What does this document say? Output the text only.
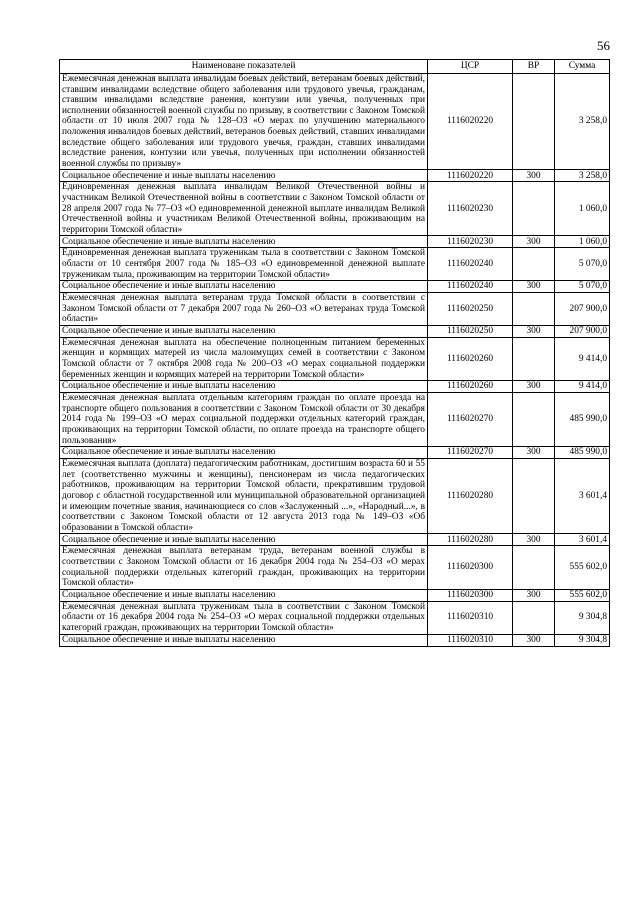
56
Наименоване показателей	ЦСР	ВР	Сумма
Ежемесячная денежная выплата инвалидам боевых действий, ветеранам боевых действий, ставшим инвалидами вследствие общего заболевания или трудового увечья, гражданам, ставшим инвалидами вследствие ранения, контузии или увечья, полученных при исполнении обязанностей военной службы по призыву, в соответствии с Законом Томской области от 10 июля 2007 года № 128–ОЗ «О мерах по улучшению материального положения инвалидов боевых действий, ветеранов боевых действий, ставших инвалидами вследствие общего заболевания или трудового увечья, граждан, ставших инвалидами вследствие ранения, контузии или увечья, полученных при исполнении обязанностей военной службы по призыву»	1116020220		3 258,0
Социальное обеспечение и иные выплаты населению	1116020220	300	3 258,0
Единовременная денежная выплата инвалидам Великой Отечественной войны и участникам Великой Отечественной войны в соответствии с Законом Томской области от 28 апреля 2007 года № 77–ОЗ «О единовременной денежной выплате инвалидам Великой Отечественной войны и участникам Великой Отечественной войны, проживающим на территории Томской области»	1116020230		1 060,0
Социальное обеспечение и иные выплаты населению	1116020230	300	1 060,0
Единовременная денежная выплата труженикам тыла в соответствии с Законом Томской области от 10 сентября 2007 года № 185–ОЗ «О единовременной денежной выплате труженикам тыла, проживающим на территории Томской области»	1116020240		5 070,0
Социальное обеспечение и иные выплаты населению	1116020240	300	5 070,0
Ежемесячная денежная выплата ветеранам труда Томской области в соответствии с Законом Томской области от 7 декабря 2007 года № 260–ОЗ «О ветеранах труда Томской области»	1116020250		207 900,0
Социальное обеспечение и иные выплаты населению	1116020250	300	207 900,0
Ежемесячная денежная выплата на обеспечение полноценным питанием беременных женщин и кормящих матерей из числа малоимущих семей в соответствии с Законом Томской области от 7 октября 2008 года № 200–ОЗ «О мерах социальной поддержки беременных женщин и кормящих матерей на территории Томской области»	1116020260		9 414,0
Социальное обеспечение и иные выплаты населению	1116020260	300	9 414,0
Ежемесячная денежная выплата отдельным категориям граждан по оплате проезда на транспорте общего пользования в соответствии с Законом Томской области от 30 декабря 2014 года № 199–ОЗ «О мерах социальной поддержки отдельных категорий граждан, проживающих на территории Томской области, по оплате проезда на транспорте общего пользования»	1116020270		485 990,0
Социальное обеспечение и иные выплаты населению	1116020270	300	485 990,0
Ежемесячная выплата (доплата) педагогическим работникам, достигшим возраста 60 и 55 лет (соответственно мужчины и женщины), пенсионерам из числа педагогических работников, проживающим на территории Томской области, прекратившим трудовой договор с областной государственной или муниципальной образовательной организацией и имеющим почетные звания, начинающиеся со слов «Заслуженный ...», «Народный...», в соответствии с Законом Томской области от 12 августа 2013 года № 149–ОЗ «Об образовании в Томской области»	1116020280		3 601,4
Социальное обеспечение и иные выплаты населению	1116020280	300	3 601,4
Ежемесячная денежная выплата ветеранам труда, ветеранам военной службы в соответствии с Законом Томской области от 16 декабря 2004 года № 254–ОЗ «О мерах социальной поддержки отдельных категорий граждан, проживающих на территории Томской области»	1116020300		555 602,0
Социальное обеспечение и иные выплаты населению	1116020300	300	555 602,0
Ежемесячная денежная выплата труженикам тыла в соответствии с Законом Томской области от 16 декабря 2004 года № 254–ОЗ «О мерах социальной поддержки отдельных категорий граждан, проживающих на территории Томской области»	1116020310		9 304,8
Социальное обеспечение и иные выплаты населению	1116020310	300	9 304,8
